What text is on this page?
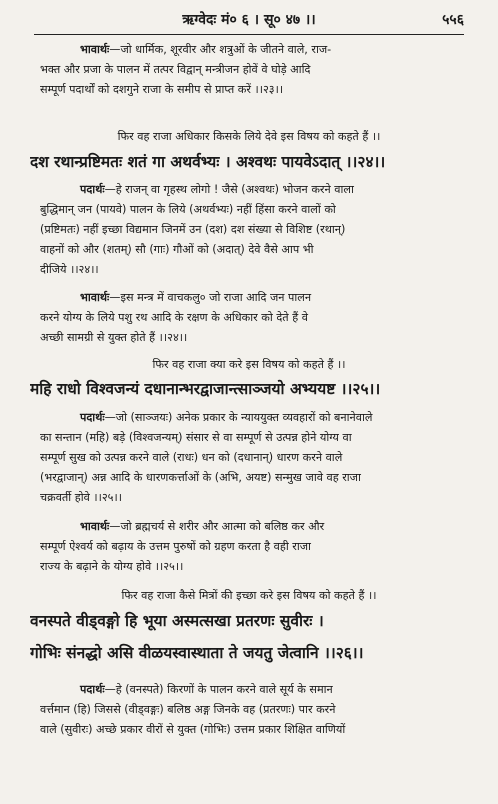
ऋग्वेदः मं० ६ । सू० ४७ ।।	५५६
भावार्थः—जो धार्मिक, शूरवीर और शत्रुओं के जीतने वाले, राज-
भक्त और प्रजा के पालन में तत्पर विद्वान् मन्त्रीजन होवें वे घोड़े आदि
सम्पूर्ण पदार्थों को दशगुने राजा के समीप से प्राप्त करें ।।२३।।
फिर वह राजा अधिकार किसके लिये देवे इस विषय को कहते हैं ।।
दश रथान्प्रष्टिमतः शतं गा अथर्वभ्यः । अश्वथः पायवेऽदात् ।।२४।।
पदार्थः—हे राजन् वा गृहस्थ लोगो ! जैसे (अश्वथः) भोजन करने वाला
बुद्धिमान् जन (पायवे) पालन के लिये (अथर्वभ्यः) नहीं हिंसा करने वालों को
(प्रष्टिमतः) नहीं इच्छा विद्यमान जिनमें उन (दश) दश संख्या से विशिष्ट (रथान्)
वाहनों को और (शतम्) सौ (गाः) गौओं को (अदात्) देवे वैसे आप भी
दीजिये ।।२४।।
भावार्थः—इस मन्त्र में वाचकलु० जो राजा आदि जन पालन
करने योग्य के लिये पशु रथ आदि के रक्षण के अधिकार को देते हैं वे
अच्छी सामग्री से युक्त होते हैं ।।२४।।
फिर वह राजा क्या करे इस विषय को कहते हैं ।।
महि राधो विश्वजन्यं दधानान्भरद्वाजान्त्साञ्जयो अभ्ययष्ट ।।२५।।
पदार्थः—जो (साञ्जयः) अनेक प्रकार के न्याययुक्त व्यवहारों को बनानेवाले
का सन्तान (महि) बड़े (विश्वजन्यम्) संसार से वा सम्पूर्ण से उत्पन्न होने योग्य वा
सम्पूर्ण सुख को उत्पन्न करने वाले (राधः) धन को (दधानान्) धारण करने वाले
(भरद्वाजान्) अन्न आदि के धारणकर्त्ताओं के (अभि, अयष्ट) सन्मुख जावे वह राजा
चक्रवर्ती होवे ।।२५।।
भावार्थः—जो ब्रह्मचर्य से शरीर और आत्मा को बलिष्ठ कर और
सम्पूर्ण ऐश्वर्य को बढ़ाय के उत्तम पुरुषों को ग्रहण करता है वही राजा
राज्य के बढ़ाने के योग्य होवे ।।२५।।
फिर वह राजा कैसे मित्रों की इच्छा करे इस विषय को कहते हैं ।।
वनस्पते वीड्वङ्गो हि भूया अस्मत्सखा प्रतरणः सुवीरः ।
गोभिः संनद्धो असि वीळयस्वास्थाता ते जयतु जेत्वानि ।।२६।।
पदार्थः—हे (वनस्पते) किरणों के पालन करने वाले सूर्य के समान
वर्त्तमान (हि) जिससे (वीड्वङ्गः) बलिष्ठ अङ्ग जिनके वह (प्रतरणः) पार करने
वाले (सुवीरः) अच्छे प्रकार वीरों से युक्त (गोभिः) उत्तम प्रकार शिक्षित वाणियों
